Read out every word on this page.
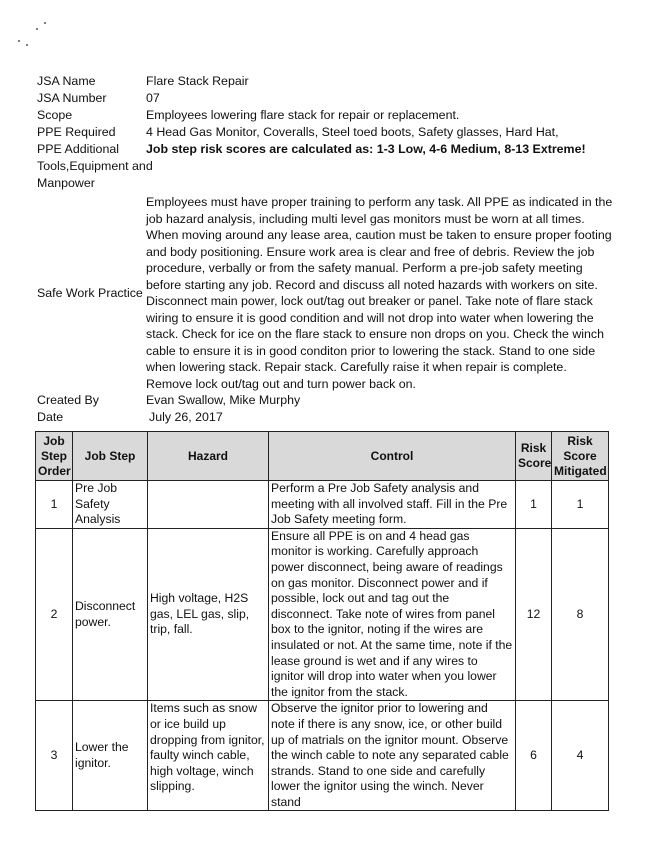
JSA Name	Flare Stack Repair
JSA Number	07
Scope	Employees lowering flare stack for repair or replacement.
PPE Required	4 Head Gas Monitor, Coveralls, Steel toed boots, Safety glasses, Hard Hat,
PPE Additional	Job step risk scores are calculated as: 1-3 Low, 4-6 Medium, 8-13 Extreme!
Tools,Equipment and Manpower
Safe Work Practice
Employees must have proper training to perform any task. All PPE as indicated in the job hazard analysis, including multi level gas monitors must be worn at all times. When moving around any lease area, caution must be taken to ensure proper footing and body positioning. Ensure work area is clear and free of debris. Review the job procedure, verbally or from the safety manual. Perform a pre-job safety meeting before starting any job. Record and discuss all noted hazards with workers on site. Disconnect main power, lock out/tag out breaker or panel. Take note of flare stack wiring to ensure it is good condition and will not drop into water when lowering the stack. Check for ice on the flare stack to ensure non drops on you. Check the winch cable to ensure it is in good conditon prior to lowering the stack. Stand to one side when lowering stack. Repair stack. Carefully raise it when repair is complete. Remove lock out/tag out and turn power back on.
Created By	Evan Swallow, Mike Murphy
Date	July 26, 2017
Job Step Order	Job Step	Hazard	Control	Risk Score	Risk Score Mitigated
1	Pre Job Safety Analysis		Perform a Pre Job Safety analysis and meeting with all involved staff. Fill in the Pre Job Safety meeting form.	1	1
2	Disconnect power.	High voltage, H2S gas, LEL gas, slip, trip, fall.	Ensure all PPE is on and 4 head gas monitor is working. Carefully approach power disconnect, being aware of readings on gas monitor. Disconnect power and if possible, lock out and tag out the disconnect. Take note of wires from panel box to the ignitor, noting if the wires are insulated or not. At the same time, note if the lease ground is wet and if any wires to ignitor will drop into water when you lower the ignitor from the stack.	12	8
3	Lower the ignitor.	Items such as snow or ice build up dropping from ignitor, faulty winch cable, high voltage, winch slipping.	Observe the ignitor prior to lowering and note if there is any snow, ice, or other build up of matrials on the ignitor mount. Observe the winch cable to note any separated cable strands. Stand to one side and carefully lower the ignitor using the winch. Never stand	6	4
